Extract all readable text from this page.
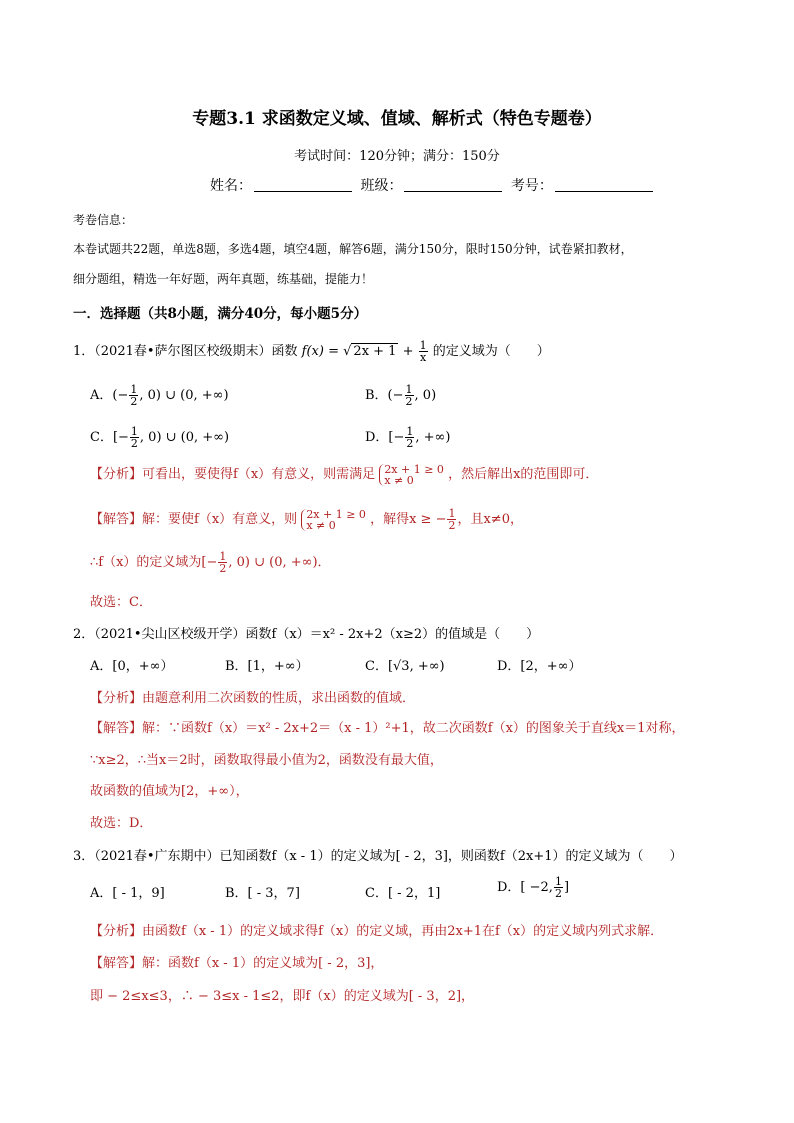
专题3.1 求函数定义域、值域、解析式（特色专题卷）
考试时间：120分钟；满分：150分
姓名：	班级：	考号：
考卷信息：
本卷试题共22题，单选8题，多选4题，填空4题，解答6题，满分150分，限时150分钟，试卷紧扣教材，
细分题组，精选一年好题，两年真题，练基础，提能力！
一．选择题（共8小题，满分40分，每小题5分）
1．（2021春•萨尔图区校级期末）函数 f(x) = √ $2x + 1 + \frac{1}{x}$ 的定义域为（　　）
A．(− $\frac{1}{2}$ , 0) ∪ (0, +∞)	B．(− $\frac{1}{2}$ , 0)
C．[− $\frac{1}{2}$ , 0) ∪ (0, +∞)	D．[− $\frac{1}{2}$ , +∞)
【分析】可看出，要使得f（x）有意义，则需满足 2x + 1 ≥ 0
x ≠ 0	，然后解出x的范围即可．
【解答】解：要使f（x）有意义，则 2x + 1 ≥ 0
x ≠ 0	，解得x ≥ − $\frac{1}{2}$ ，且x≠0，
∴f（x）的定义域为[− $\frac{1}{2}$ , 0) ∪ (0, +∞)．
故选：C．
2．（2021•尖山区校级开学）函数f（x）＝x² - 2x+2（x≥2）的值域是（　　）
A．[0，+∞）	B．[1，+∞）	C．[√3, +∞)	D．[2，+∞）
【分析】由题意利用二次函数的性质，求出函数的值域．
【解答】解：∵函数f（x）＝x² - 2x+2＝（x - 1）²+1，故二次函数f（x）的图象关于直线x＝1对称，
∵x≥2，∴当x＝2时，函数取得最小值为2，函数没有最大值，
故函数的值域为[2，+∞），
故选：D．
3．（2021春•广东期中）已知函数f（x - 1）的定义域为[ - 2，3]，则函数f（2x+1）的定义域为（　　）
A．[ - 1，9]	B．[ - 3，7]	C．[ - 2，1]	D．[ −2, $\frac{1}{2}$ ]
【分析】由函数f（x - 1）的定义域求得f（x）的定义域，再由2x+1在f（x）的定义域内列式求解．
【解答】解：函数f（x - 1）的定义域为[ - 2，3]，
即 − 2≤x≤3，∴ − 3≤x - 1≤2，即f（x）的定义域为[ - 3，2]，
